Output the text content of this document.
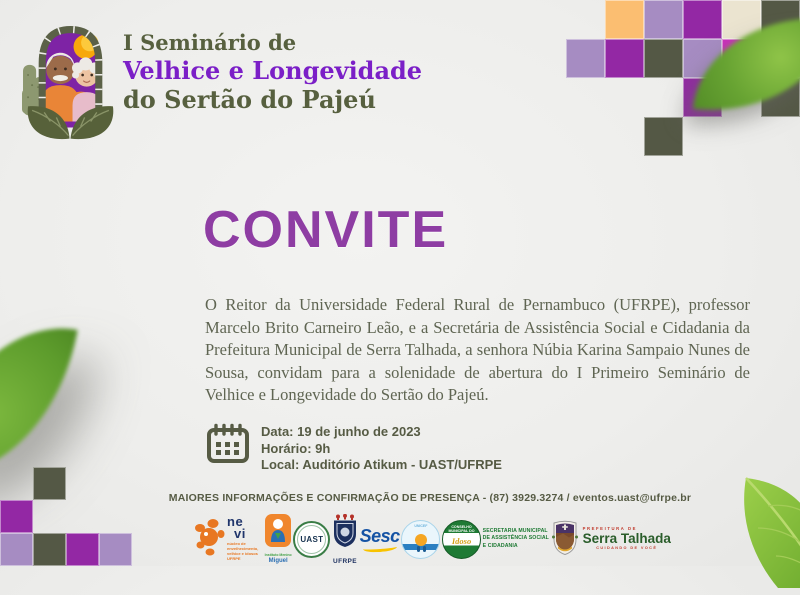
I Seminário de
Velhice e Longevidade
do Sertão do Pajeú
CONVITE
O Reitor da Universidade Federal Rural de Pernambuco (UFRPE), professor Marcelo Brito Carneiro Leão, e a Secretária de Assistência Social e Cidadania da Prefeitura Municipal de Serra Talhada, a senhora Núbia Karina Sampaio Nunes de Sousa, convidam para a solenidade de abertura do I Primeiro Seminário de Velhice e Longevidade do Sertão do Pajeú.
Data: 19 de junho de 2023
Horário: 9h
Local: Auditório Atikum - UAST/UFRPE
MAIORES INFORMAÇÕES E CONFIRMAÇÃO DE PRESENÇA - (87) 3929.3274 / eventos.uast@ufrpe.br
ne
vi
núcleo de envelhecimento, velhice e idosos UFRPE
Instituto Menino
Miguel
UAST
UFRPE
Sesc
UNICEF	CONSELHO
MUNICIPAL DO
Idoso
SECRETARIA MUNICIPAL
DE ASSISTÊNCIA SOCIAL
E CIDADANIA
PREFEITURA DE
Serra Talhada
CUIDANDO DE VOCÊ
